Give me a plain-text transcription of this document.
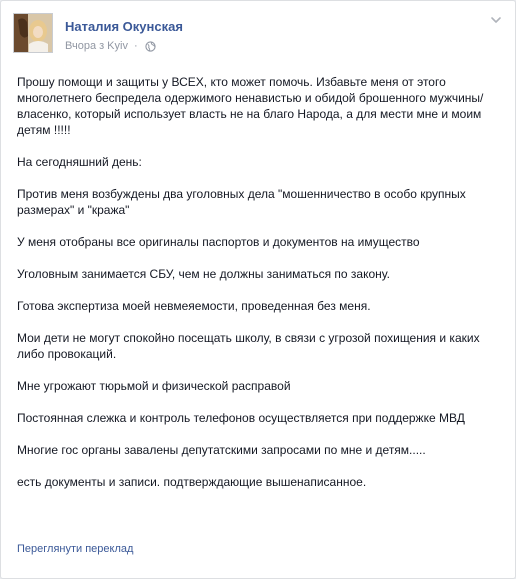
Наталия Окунская
Вчора з Kyiv ·

Прошу помощи и защиты у ВСЕХ, кто может помочь. Избавьте меня от этого многолетнего беспредела одержимого ненавистью и обидой брошенного мужчины/власенко, который использует власть не на благо Народа, а для мести мне и моим детям !!!!!

На сегодняшний день:

Против меня возбуждены два уголовных дела "мошенничество в особо крупных размерах" и "кража"

У меня отобраны все оригиналы паспортов и документов на имущество

Уголовным занимается СБУ, чем не должны заниматься по закону.

Готова экспертиза моей невмеяемости, проведенная без меня.

Мои дети не могут спокойно посещать школу, в связи с угрозой похищения и каких либо провокаций.

Мне угрожают тюрьмой и физической расправой

Постоянная слежка и контроль телефонов осуществляется при поддержке МВД

Многие гос органы завалены депутатскими запросами по мне и детям.....

есть документы и записи. подтверждающие вышенаписанное.

Переглянути переклад
